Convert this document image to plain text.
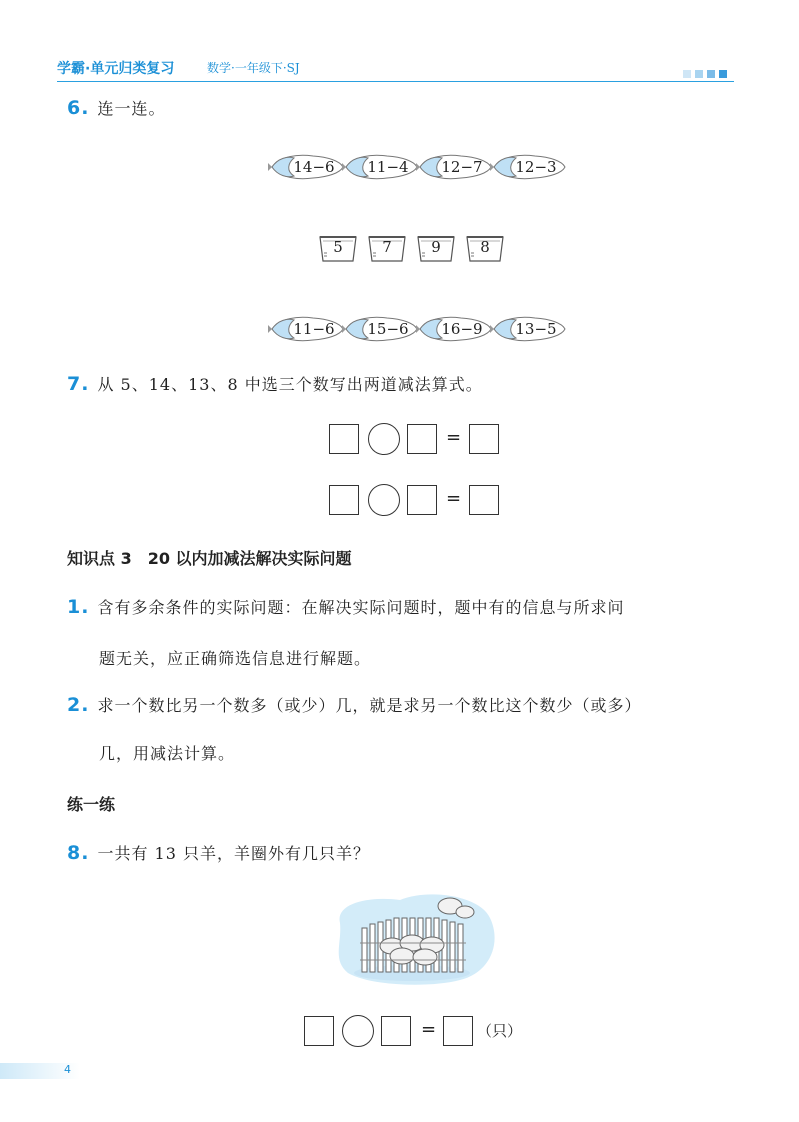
学霸·单元归类复习	数学·一年级下·SJ
6. 连一连。
14−6	11−4	12−7	12−3
5	7	9	8
11−6	15−6	16−9	13−5
7. 从 5、14、13、8 中选三个数写出两道减法算式。
=
=
知识点 3　20 以内加减法解决实际问题
1. 含有多余条件的实际问题：在解决实际问题时，题中有的信息与所求问
题无关，应正确筛选信息进行解题。
2. 求一个数比另一个数多（或少）几，就是求另一个数比这个数少（或多）
几，用减法计算。
练一练
8. 一共有 13 只羊，羊圈外有几只羊？
=	（只）
4
